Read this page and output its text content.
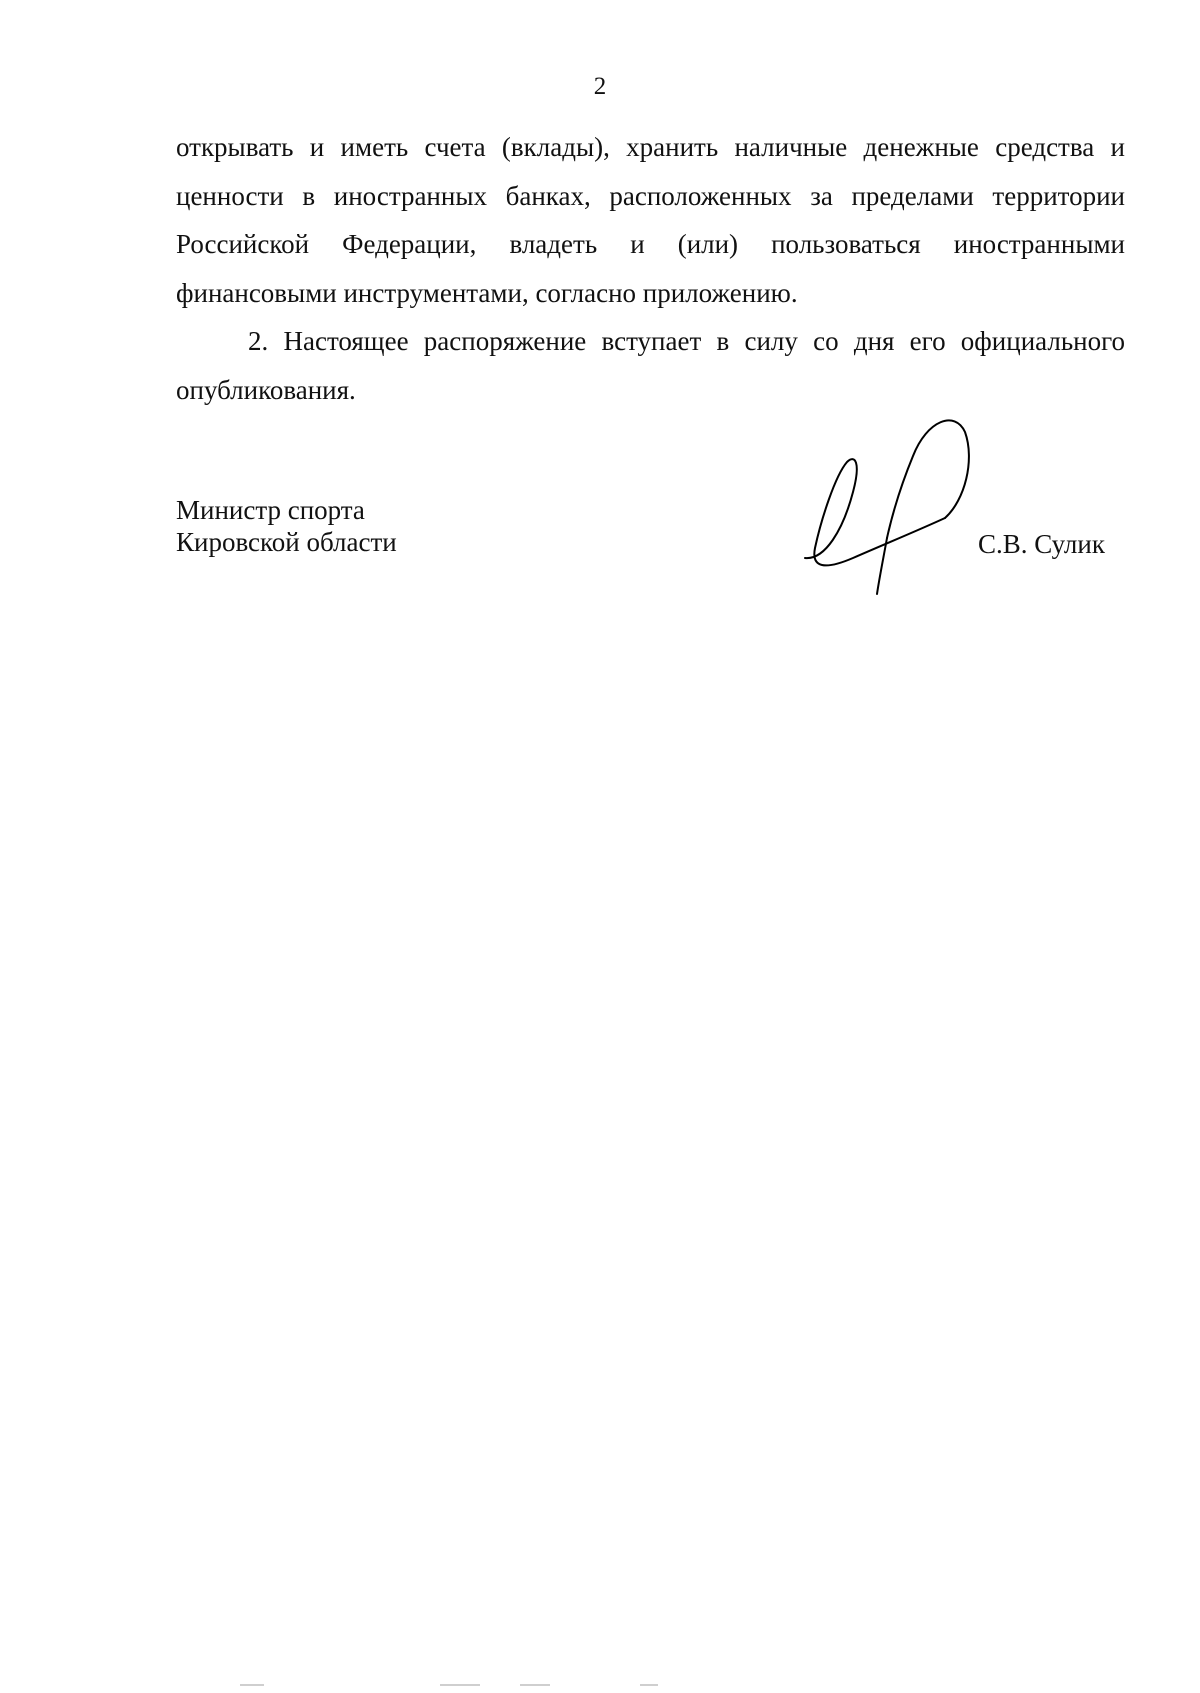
2

открывать и иметь счета (вклады), хранить наличные денежные средства и ценности в иностранных банках, расположенных за пределами территории Российской Федерации, владеть и (или) пользоваться иностранными финансовыми инструментами, согласно приложению.

2. Настоящее распоряжение вступает в силу со дня его официального опубликования.

Министр спорта
Кировской области	С.В. Сулик
